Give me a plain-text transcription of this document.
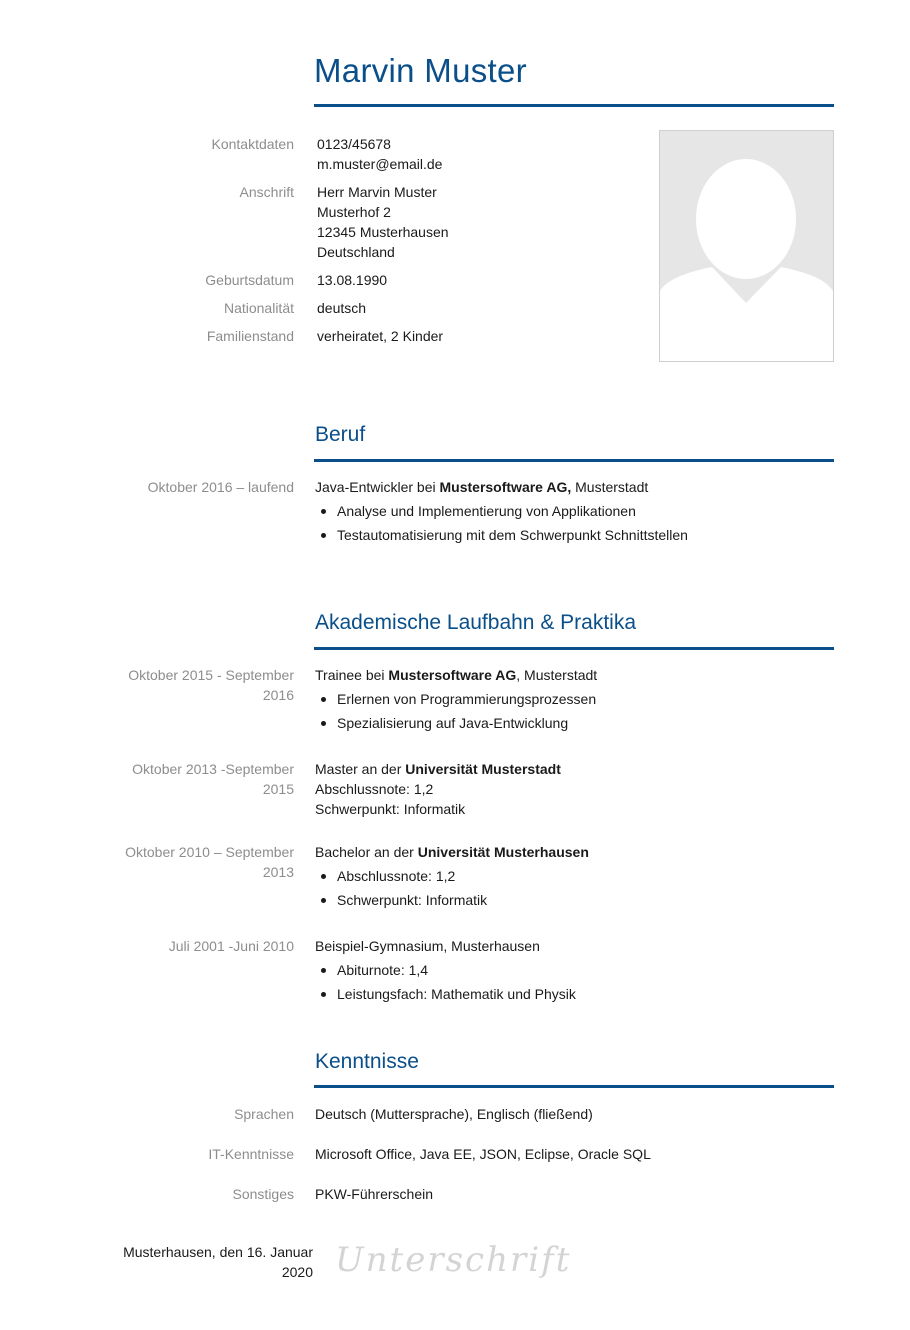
Marvin Muster
Kontaktdaten 0123/45678
m.muster@email.de
Anschrift Herr Marvin Muster
Musterhof 2
12345 Musterhausen
Deutschland
Geburtsdatum 13.08.1990
Nationalität deutsch
Familienstand verheiratet, 2 Kinder
Beruf
Oktober 2016 – laufend Java-Entwickler bei Mustersoftware AG, Musterstadt
Analyse und Implementierung von Applikationen
Testautomatisierung mit dem Schwerpunkt Schnittstellen
Akademische Laufbahn & Praktika
Oktober 2015 - September
2016
Trainee bei Mustersoftware AG, Musterstadt
Erlernen von Programmierungsprozessen
Spezialisierung auf Java-Entwicklung
Oktober 2013 -September
2015
Master an der Universität Musterstadt
Abschlussnote: 1,2
Schwerpunkt: Informatik
Oktober 2010 – September
2013
Bachelor an der Universität Musterhausen
Abschlussnote: 1,2
Schwerpunkt: Informatik
Juli 2001 -Juni 2010 Beispiel-Gymnasium, Musterhausen
Abiturnote: 1,4
Leistungsfach: Mathematik und Physik
Kenntnisse
Sprachen Deutsch (Muttersprache), Englisch (fließend)
IT-Kenntnisse Microsoft Office, Java EE, JSON, Eclipse, Oracle SQL
Sonstiges PKW-Führerschein
Musterhausen, den 16. Januar
2020 Unterschrift
